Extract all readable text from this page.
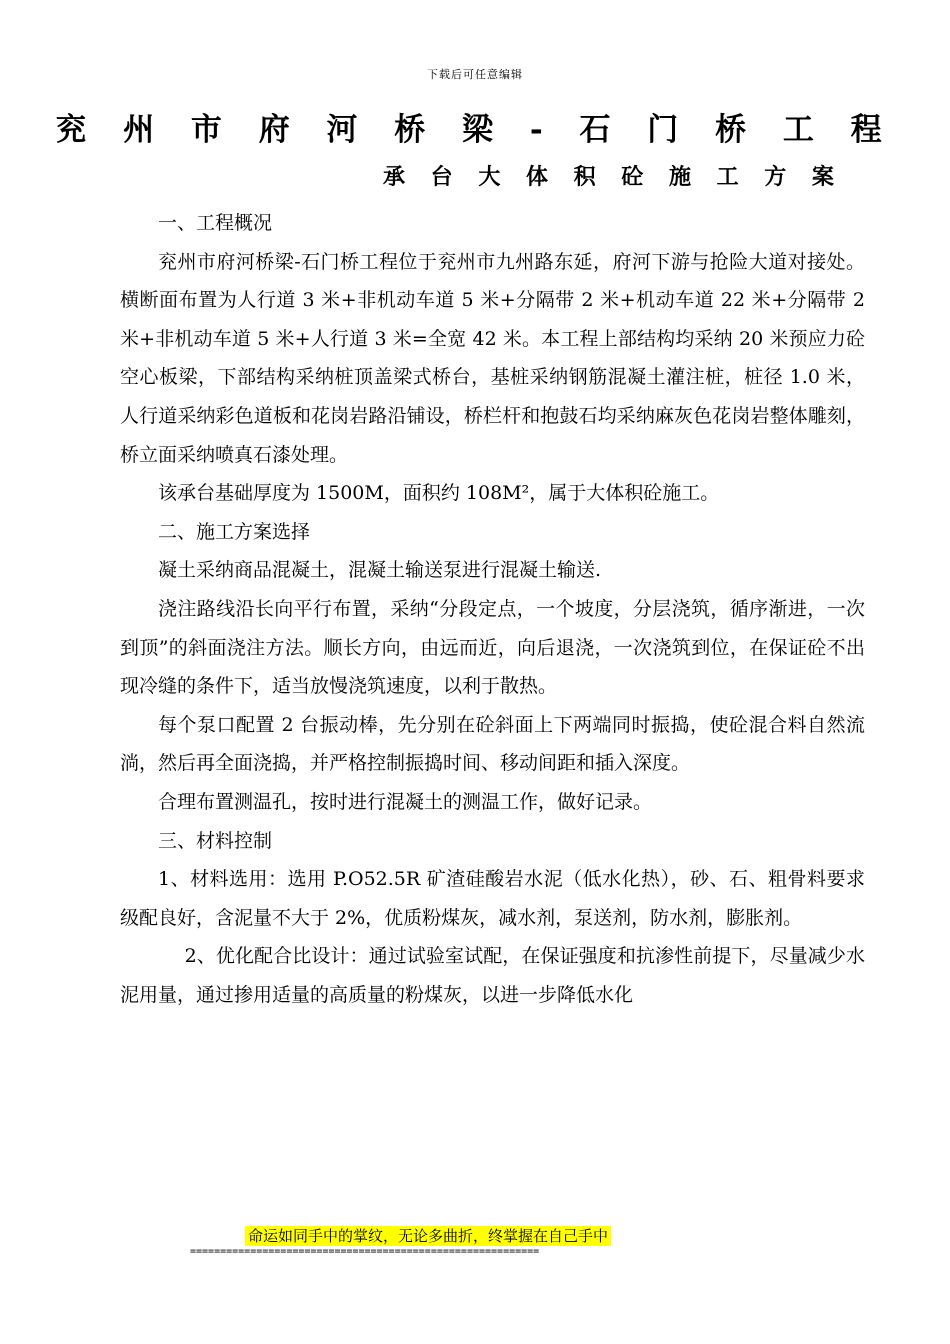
下载后可任意编辑
兖 州 市 府 河 桥 梁 - 石 门 桥 工 程
承 台 大 体 积 砼 施 工 方 案

一、工程概况

兖州市府河桥梁-石门桥工程位于兖州市九州路东延，府河下游与抢险大道对接处。横断面布置为人行道 3 米+非机动车道 5 米+分隔带 2 米+机动车道 22 米+分隔带 2 米+非机动车道 5 米+人行道 3 米=全宽 42 米。本工程上部结构均采纳 20 米预应力砼空心板梁，下部结构采纳桩顶盖梁式桥台，基桩采纳钢筋混凝土灌注桩，桩径 1.0 米，人行道采纳彩色道板和花岗岩路沿铺设，桥栏杆和抱鼓石均采纳麻灰色花岗岩整体雕刻，桥立面采纳喷真石漆处理。

该承台基础厚度为 1500M，面积约 108M²，属于大体积砼施工。

二、施工方案选择

凝土采纳商品混凝土，混凝土输送泵进行混凝土输送.

浇注路线沿长向平行布置，采纳“分段定点，一个坡度，分层浇筑，循序渐进，一次到顶”的斜面浇注方法。顺长方向，由远而近，向后退浇，一次浇筑到位，在保证砼不出现冷缝的条件下，适当放慢浇筑速度，以利于散热。

每个泵口配置 2 台振动棒，先分别在砼斜面上下两端同时振捣，使砼混合料自然流淌，然后再全面浇捣，并严格控制振捣时间、移动间距和插入深度。

合理布置测温孔，按时进行混凝土的测温工作，做好记录。

三、材料控制

1、材料选用：选用 P.O52.5R 矿渣硅酸岩水泥（低水化热），砂、石、粗骨料要求级配良好，含泥量不大于 2%，优质粉煤灰，减水剂，泵送剂，防水剂，膨胀剂。

2、优化配合比设计：通过试验室试配，在保证强度和抗渗性前提下，尽量减少水泥用量，通过掺用适量的高质量的粉煤灰，以进一步降低水化

命运如同手中的掌纹，无论多曲折，终掌握在自己手中
==========================================================
